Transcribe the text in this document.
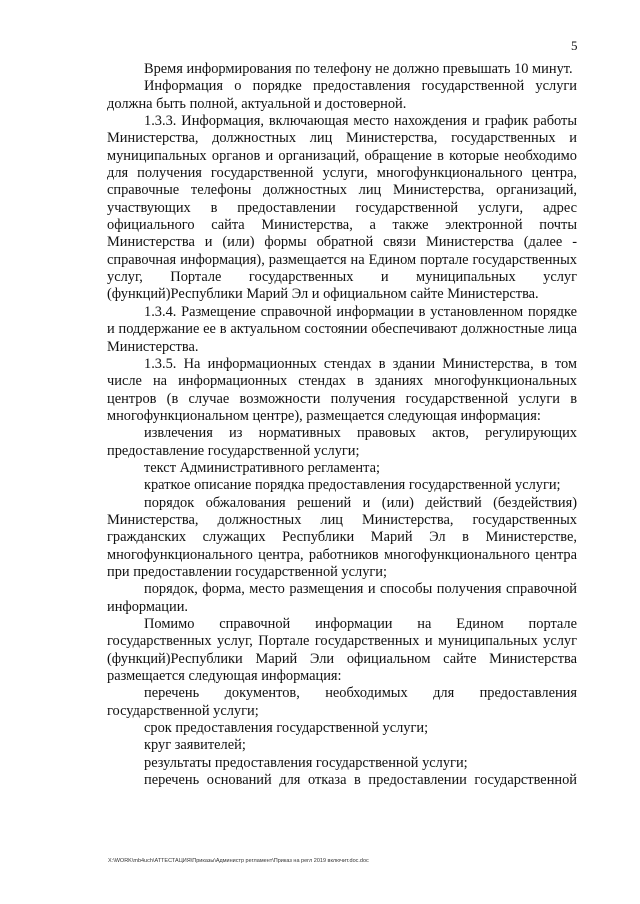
5

Время информирования по телефону не должно превышать 10 минут.

Информация о порядке предоставления государственной услуги должна быть полной, актуальной и достоверной.

1.3.3. Информация, включающая место нахождения и график работы Министерства, должностных лиц Министерства, государственных и муниципальных органов и организаций, обращение в которые необходимо для получения государственной услуги, многофункционального центра, справочные телефоны должностных лиц Министерства, организаций, участвующих в предоставлении государственной услуги, адрес официального сайта Министерства, а также электронной почты Министерства и (или) формы обратной связи Министерства (далее - справочная информация), размещается на Едином портале государственных услуг, Портале государственных и муниципальных услуг (функций)Республики Марий Эл и официальном сайте Министерства.

1.3.4. Размещение справочной информации в установленном порядке и поддержание ее в актуальном состоянии обеспечивают должностные лица Министерства.

1.3.5. На информационных стендах в здании Министерства, в том числе на информационных стендах в зданиях многофункциональных центров (в случае возможности получения государственной услуги в многофункциональном центре), размещается следующая информация:

извлечения из нормативных правовых актов, регулирующих предоставление государственной услуги;

текст Административного регламента;

краткое описание порядка предоставления государственной услуги;

порядок обжалования решений и (или) действий (бездействия) Министерства, должностных лиц Министерства, государственных гражданских служащих Республики Марий Эл в Министерстве, многофункционального центра, работников многофункционального центра при предоставлении государственной услуги;

порядок, форма, место размещения и способы получения справочной информации.

Помимо справочной информации на Едином портале государственных услуг, Портале государственных и муниципальных услуг (функций)Республики Марий Эли официальном сайте Министерства размещается следующая информация:

перечень документов, необходимых для предоставления государственной услуги;

срок предоставления государственной услуги;

круг заявителей;

результаты предоставления государственной услуги;

перечень оснований для отказа в предоставлении государственной

X:\WORK\mb4uch\АТТЕСТАЦИЯ\Приказы\Администр регламент\Приказ на регл 2019 включит.doc.doc
